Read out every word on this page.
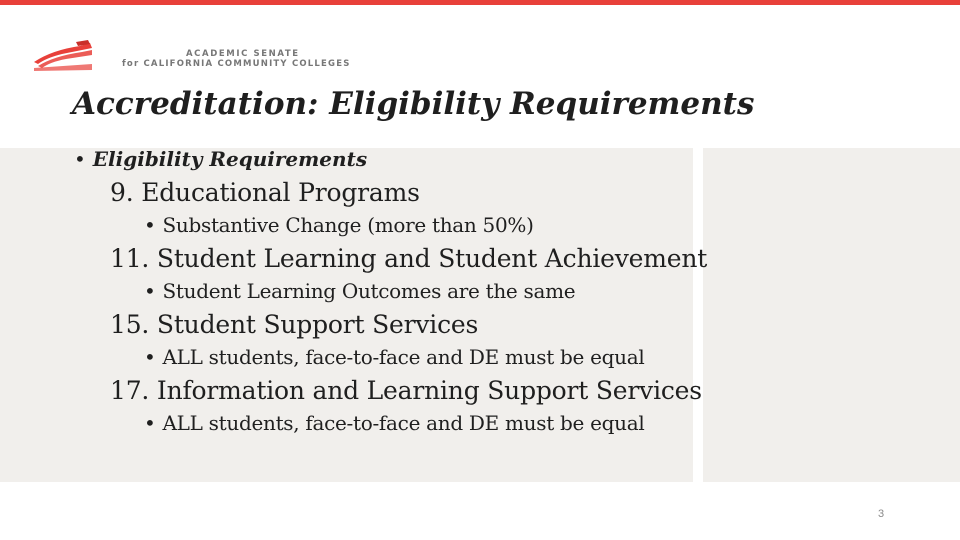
ACADEMIC SENATE
for CALIFORNIA COMMUNITY COLLEGES
Accreditation: Eligibility Requirements
• Eligibility Requirements
9. Educational Programs
• Substantive Change (more than 50%)
11. Student Learning and Student Achievement
• Student Learning Outcomes are the same
15. Student Support Services
• ALL students, face-to-face and DE must be equal
17. Information and Learning Support Services
• ALL students, face-to-face and DE must be equal
3
